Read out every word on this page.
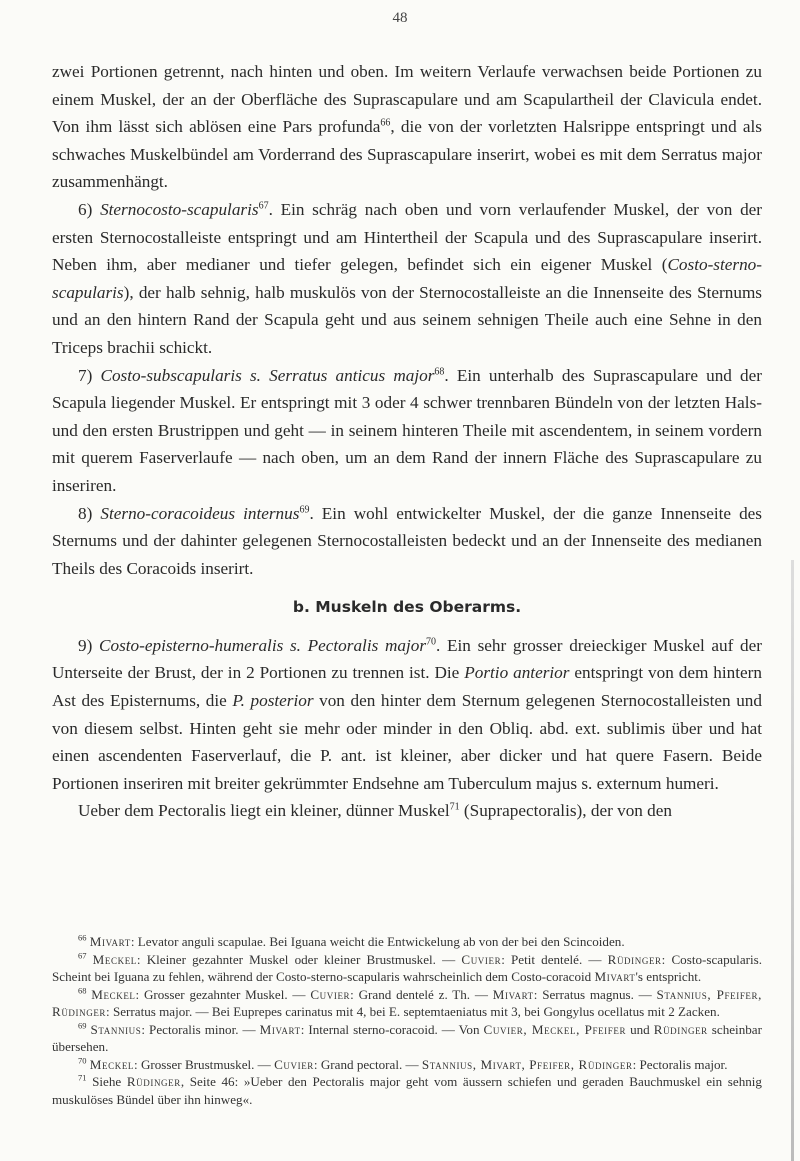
48

zwei Portionen getrennt, nach hinten und oben. Im weitern Verlaufe verwachsen beide Portionen zu einem Muskel, der an der Oberfläche des Suprascapulare und am Scapulartheil der Clavicula endet. Von ihm lässt sich ablösen eine Pars profunda$^{66}$, die von der vorletzten Halsrippe entspringt und als schwaches Muskelbündel am Vorderrand des Suprascapulare inserirt, wobei es mit dem Serratus major zusammenhängt.

6) Sternocosto-scapularis$^{67}$. Ein schräg nach oben und vorn verlaufender Muskel, der von der ersten Sternocostalleiste entspringt und am Hintertheil der Scapula und des Suprascapulare inserirt. Neben ihm, aber medianer und tiefer gelegen, befindet sich ein eigener Muskel (Costo-sterno-scapularis), der halb sehnig, halb muskulös von der Sternocostalleiste an die Innenseite des Sternums und an den hintern Rand der Scapula geht und aus seinem sehnigen Theile auch eine Sehne in den Triceps brachii schickt.

7) Costo-subscapularis s. Serratus anticus major$^{68}$. Ein unterhalb des Suprascapulare und der Scapula liegender Muskel. Er entspringt mit 3 oder 4 schwer trennbaren Bündeln von der letzten Hals- und den ersten Brustrippen und geht — in seinem hinteren Theile mit ascendentem, in seinem vordern mit querem Faserverlaufe — nach oben, um an dem Rand der innern Fläche des Suprascapulare zu inseriren.

8) Sterno-coracoideus internus$^{69}$. Ein wohl entwickelter Muskel, der die ganze Innenseite des Sternums und der dahinter gelegenen Sternocostalleisten bedeckt und an der Innenseite des medianen Theils des Coracoids inserirt.

b. Muskeln des Oberarms.

9) Costo-episterno-humeralis s. Pectoralis major$^{70}$. Ein sehr grosser dreieckiger Muskel auf der Unterseite der Brust, der in 2 Portionen zu trennen ist. Die Portio anterior entspringt von dem hintern Ast des Episternums, die P. posterior von den hinter dem Sternum gelegenen Sternocostalleisten und von diesem selbst. Hinten geht sie mehr oder minder in den Obliq. abd. ext. sublimis über und hat einen ascendenten Faserverlauf, die P. ant. ist kleiner, aber dicker und hat quere Fasern. Beide Portionen inseriren mit breiter gekrümmter Endsehne am Tuberculum majus s. externum humeri.

Ueber dem Pectoralis liegt ein kleiner, dünner Muskel$^{71}$ (Suprapectoralis), der von den

$^{66}$ Mivart: Levator anguli scapulae. Bei Iguana weicht die Entwickelung ab von der bei den Scincoiden.

$^{67}$ Meckel: Kleiner gezahnter Muskel oder kleiner Brustmuskel. — Cuvier: Petit dentelé. — Rüdinger: Costo-scapularis. Scheint bei Iguana zu fehlen, während der Costo-sterno-scapularis wahrscheinlich dem Costo-coracoid Mivart's entspricht.

$^{68}$ Meckel: Grosser gezahnter Muskel. — Cuvier: Grand dentelé z. Th. — Mivart: Serratus magnus. — Stannius, Pfeifer, Rüdinger: Serratus major. — Bei Euprepes carinatus mit 4, bei E. septemtaeniatus mit 3, bei Gongylus ocellatus mit 2 Zacken.

$^{69}$ Stannius: Pectoralis minor. — Mivart: Internal sterno-coracoid. — Von Cuvier, Meckel, Pfeifer und Rüdinger scheinbar übersehen.

$^{70}$ Meckel: Grosser Brustmuskel. — Cuvier: Grand pectoral. — Stannius, Mivart, Pfeifer, Rüdinger: Pectoralis major.

$^{71}$ Siehe Rüdinger, Seite 46: »Ueber den Pectoralis major geht vom äussern schiefen und geraden Bauchmuskel ein sehnig muskulöses Bündel über ihn hinweg«.
